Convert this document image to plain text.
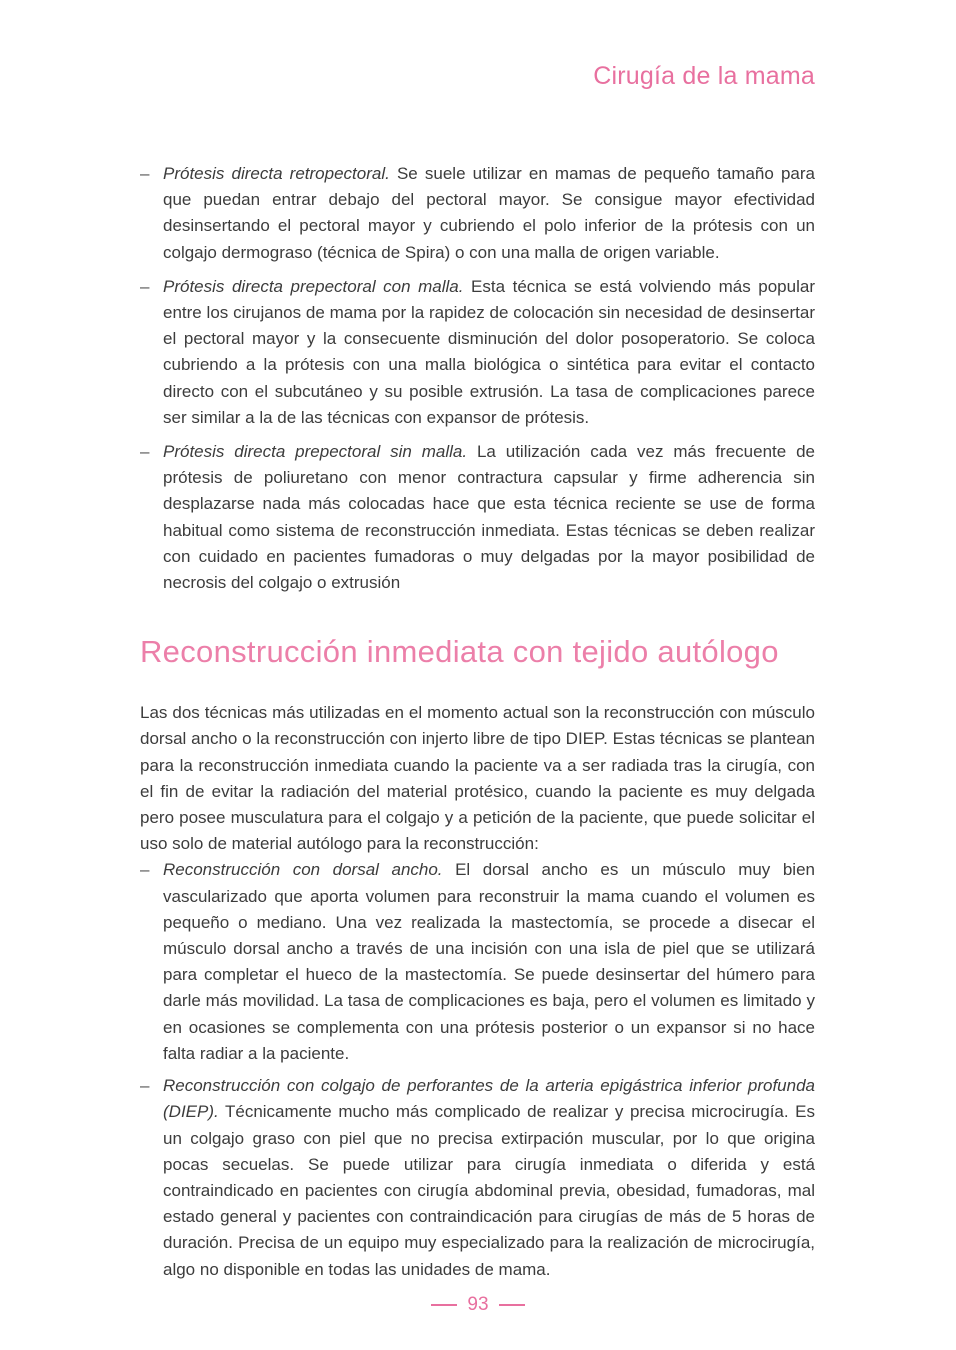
Cirugía de la mama
– Prótesis directa retropectoral. Se suele utilizar en mamas de pequeño tamaño para que puedan entrar debajo del pectoral mayor. Se consigue mayor efectividad desinsertando el pectoral mayor y cubriendo el polo inferior de la prótesis con un colgajo dermograso (técnica de Spira) o con una malla de origen variable.
– Prótesis directa prepectoral con malla. Esta técnica se está volviendo más popular entre los cirujanos de mama por la rapidez de colocación sin necesidad de desinsertar el pectoral mayor y la consecuente disminución del dolor posoperatorio. Se coloca cubriendo a la prótesis con una malla biológica o sintética para evitar el contacto directo con el subcutáneo y su posible extrusión. La tasa de complicaciones parece ser similar a la de las técnicas con expansor de prótesis.
– Prótesis directa prepectoral sin malla. La utilización cada vez más frecuente de prótesis de poliuretano con menor contractura capsular y firme adherencia sin desplazarse nada más colocadas hace que esta técnica reciente se use de forma habitual como sistema de reconstrucción inmediata. Estas técnicas se deben realizar con cuidado en pacientes fumadoras o muy delgadas por la mayor posibilidad de necrosis del colgajo o extrusión
Reconstrucción inmediata con tejido autólogo

Las dos técnicas más utilizadas en el momento actual son la reconstrucción con músculo dorsal ancho o la reconstrucción con injerto libre de tipo DIEP. Estas técnicas se plantean para la reconstrucción inmediata cuando la paciente va a ser radiada tras la cirugía, con el fin de evitar la radiación del material protésico, cuando la paciente es muy delgada pero posee musculatura para el colgajo y a petición de la paciente, que puede solicitar el uso solo de material autólogo para la reconstrucción:

– Reconstrucción con dorsal ancho. El dorsal ancho es un músculo muy bien vascularizado que aporta volumen para reconstruir la mama cuando el volumen es pequeño o mediano. Una vez realizada la mastectomía, se procede a disecar el músculo dorsal ancho a través de una incisión con una isla de piel que se utilizará para completar el hueco de la mastectomía. Se puede desinsertar del húmero para darle más movilidad. La tasa de complicaciones es baja, pero el volumen es limitado y en ocasiones se complementa con una prótesis posterior o un expansor si no hace falta radiar a la paciente.
– Reconstrucción con colgajo de perforantes de la arteria epigástrica inferior profunda (DIEP). Técnicamente mucho más complicado de realizar y precisa microcirugía. Es un colgajo graso con piel que no precisa extirpación muscular, por lo que origina pocas secuelas. Se puede utilizar para cirugía inmediata o diferida y está contraindicado en pacientes con cirugía abdominal previa, obesidad, fumadoras, mal estado general y pacientes con contraindicación para cirugías de más de 5 horas de duración. Precisa de un equipo muy especializado para la realización de microcirugía, algo no disponible en todas las unidades de mama.
93
